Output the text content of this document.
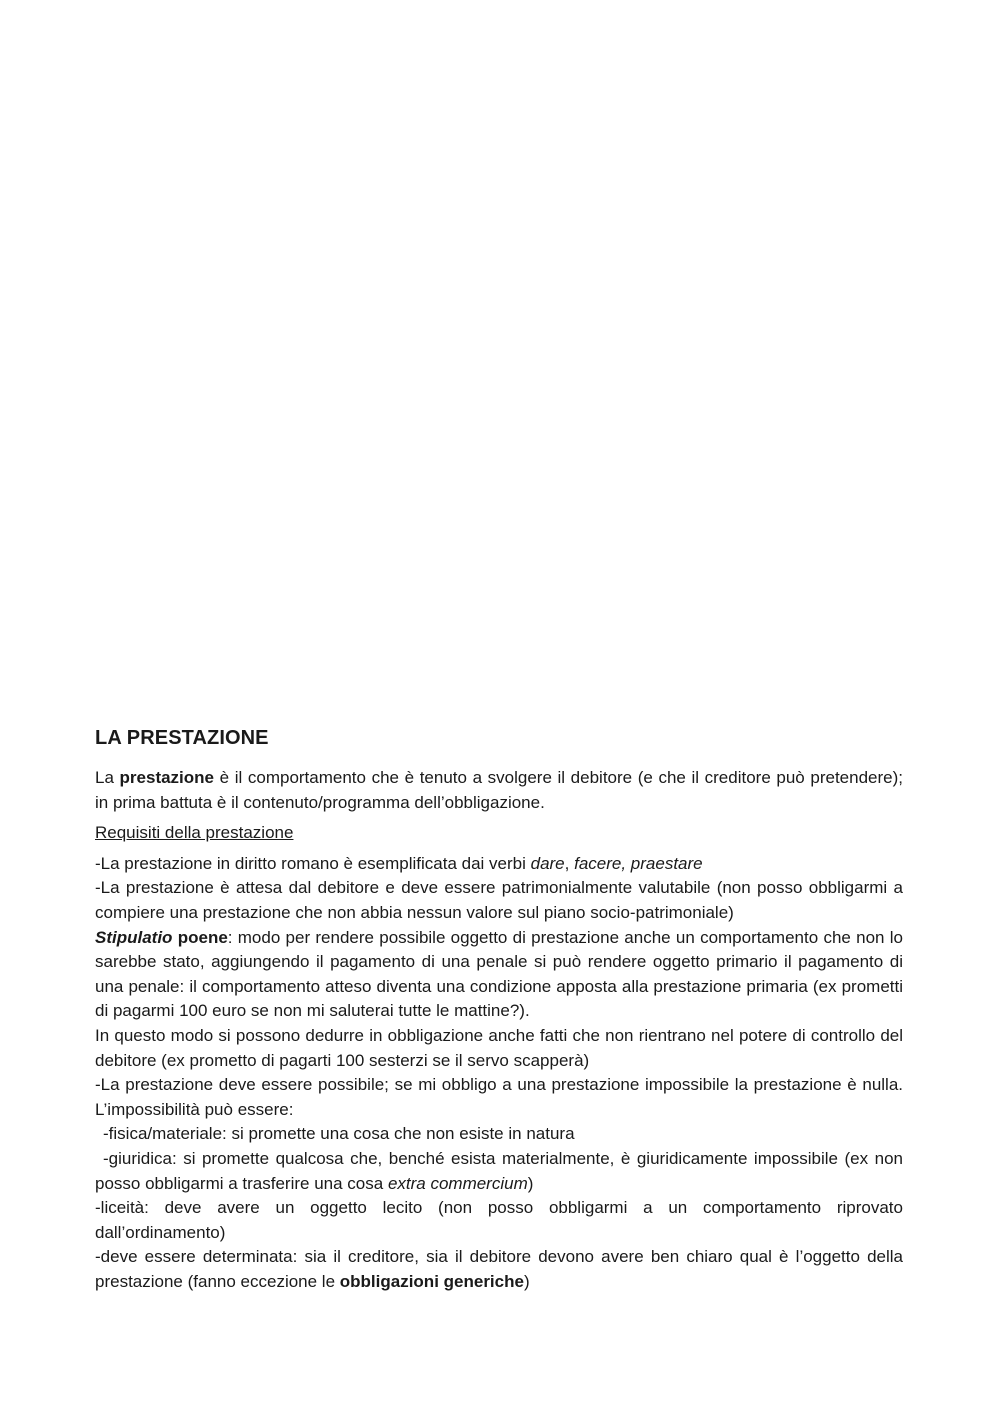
LA PRESTAZIONE

La prestazione è il comportamento che è tenuto a svolgere il debitore (e che il creditore può pretendere); in prima battuta è il contenuto/programma dell’obbligazione.

Requisiti della prestazione

-La prestazione in diritto romano è esemplificata dai verbi dare, facere, praestare

-La prestazione è attesa dal debitore e deve essere patrimonialmente valutabile (non posso obbligarmi a compiere una prestazione che non abbia nessun valore sul piano socio-patrimoniale)

Stipulatio poene: modo per rendere possibile oggetto di prestazione anche un comportamento che non lo sarebbe stato, aggiungendo il pagamento di una penale si può rendere oggetto primario il pagamento di una penale: il comportamento atteso diventa una condizione apposta alla prestazione primaria (ex prometti di pagarmi 100 euro se non mi saluterai tutte le mattine?).

In questo modo si possono dedurre in obbligazione anche fatti che non rientrano nel potere di controllo del debitore (ex prometto di pagarti 100 sesterzi se il servo scapperà)

-La prestazione deve essere possibile; se mi obbligo a una prestazione impossibile la prestazione è nulla. L’impossibilità può essere:

-fisica/materiale: si promette una cosa che non esiste in natura

-giuridica: si promette qualcosa che, benché esista materialmente, è giuridicamente impossibile (ex non posso obbligarmi a trasferire una cosa extra commercium)

-liceità: deve avere un oggetto lecito (non posso obbligarmi a un comportamento riprovato dall’ordinamento)

-deve essere determinata: sia il creditore, sia il debitore devono avere ben chiaro qual è l’oggetto della prestazione (fanno eccezione le obbligazioni generiche)
